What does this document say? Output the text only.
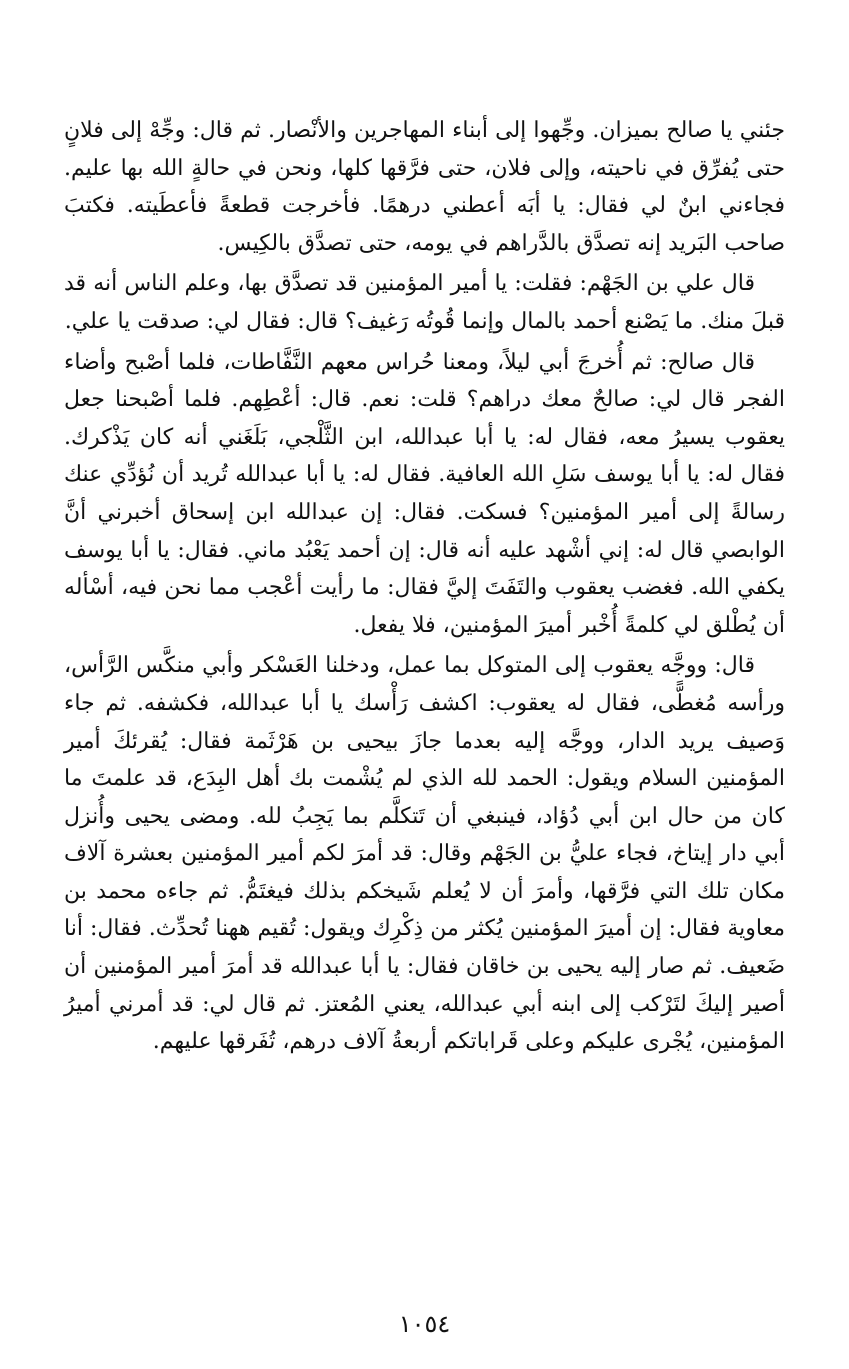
جئني يا صالح بميزان. وجِّهوا إلى أبناء المهاجرين والأنْصار. ثم قال: وجِّهْ إلى فلانٍ حتى يُفرِّق في ناحيته، وإلى فلان، حتى فرَّقها كلها، ونحن في حالةٍ الله بها عليم. فجاءني ابنٌ لي فقال: يا أبَه أعطني درهمًا. فأخرجت قطعةً فأعطَيته. فكتبَ صاحب البَريد إنه تصدَّق بالدَّراهم في يومه، حتى تصدَّق بالكِيس.

قال علي بن الجَهْم: فقلت: يا أمير المؤمنين قد تصدَّق بها، وعلم الناس أنه قد قبلَ منك. ما يَصْنع أحمد بالمال وإنما قُوتُه رَغيف؟ قال: فقال لي: صدقت يا علي.

قال صالح: ثم أُخرجَ أبي ليلاً، ومعنا حُراس معهم النَّفَّاطات، فلما أصْبح وأضاء الفجر قال لي: صالحٌ معك دراهم؟ قلت: نعم. قال: أعْطِهم. فلما أصْبحنا جعل يعقوب يسيرُ معه، فقال له: يا أبا عبدالله، ابن الثَّلْجي، بَلَغَني أنه كان يَذْكرك. فقال له: يا أبا يوسف سَلِ الله العافية. فقال له: يا أبا عبدالله تُريد أن نُؤدِّي عنك رسالةً إلى أمير المؤمنين؟ فسكت. فقال: إن عبدالله ابن إسحاق أخبرني أنَّ الوابصي قال له: إني أشْهد عليه أنه قال: إن أحمد يَعْبُد ماني. فقال: يا أبا يوسف يكفي الله. فغضب يعقوب والتَفَتَ إليَّ فقال: ما رأيت أعْجب مما نحن فيه، أسْأله أن يُطْلق لي كلمةً أُخْبر أميرَ المؤمنين، فلا يفعل.

قال: ووجَّه يعقوب إلى المتوكل بما عمل، ودخلنا العَسْكر وأبي منكَّس الرَّأس، ورأسه مُغطًّى، فقال له يعقوب: اكشف رَأْسك يا أبا عبدالله، فكشفه. ثم جاء وَصيف يريد الدار، ووجَّه إليه بعدما جازَ بيحيى بن هَرْثَمة فقال: يُقرئكَ أمير المؤمنين السلام ويقول: الحمد لله الذي لم يُشْمت بك أهل البِدَع، قد علمتَ ما كان من حال ابن أبي دُؤاد، فينبغي أن تَتكلَّم بما يَجِبُ لله. ومضى يحيى وأُنزل أبي دار إيتاخ، فجاء عليُّ بن الجَهْم وقال: قد أمرَ لكم أمير المؤمنين بعشرة آلاف مكان تلك التي فرَّقها، وأمرَ أن لا يُعلم شَيخكم بذلك فيغتَمُّ. ثم جاءه محمد بن معاوية فقال: إن أميرَ المؤمنين يُكثر من ذِكْرِك ويقول: تُقيم ههنا تُحدِّث. فقال: أنا ضَعيف. ثم صار إليه يحيى بن خاقان فقال: يا أبا عبدالله قد أمرَ أمير المؤمنين أن أصير إليكَ لتَرْكب إلى ابنه أبي عبدالله، يعني المُعتز. ثم قال لي: قد أمرني أميرُ المؤمنين، يُجْرى عليكم وعلى قَراباتكم أربعةُ آلاف درهم، تُفَرقها عليهم.

١٠٥٤
